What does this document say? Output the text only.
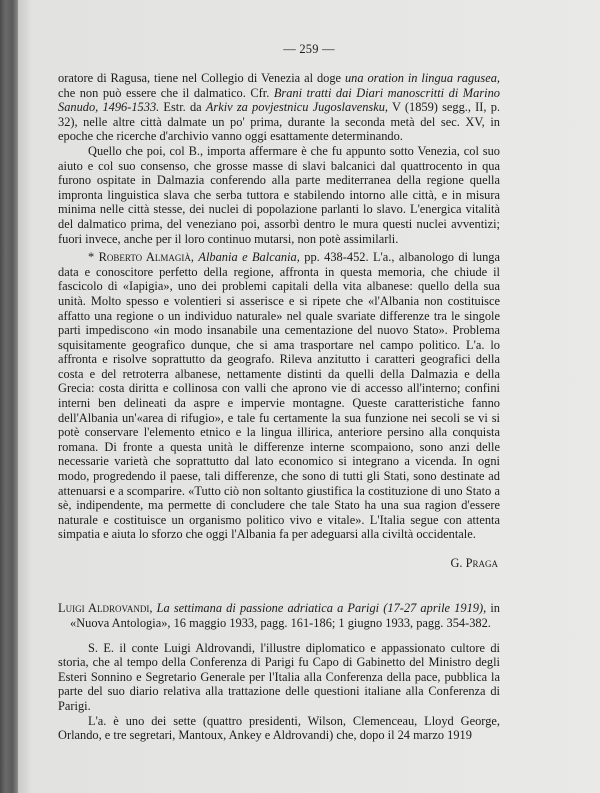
— 259 —

oratore di Ragusa, tiene nel Collegio di Venezia al doge una oration in lingua ragusea, che non può essere che il dalmatico. Cfr. Brani tratti dai Diari manoscritti di Marino Sanudo, 1496-1533. Estr. da Arkiv za povjestnicu Jugoslavensku, V (1859) segg., II, p. 32), nelle altre città dalmate un po' prima, durante la seconda metà del sec. XV, in epoche che ricerche d'archivio vanno oggi esattamente determinando.

Quello che poi, col B., importa affermare è che fu appunto sotto Venezia, col suo aiuto e col suo consenso, che grosse masse di slavi balcanici dal quattrocento in qua furono ospitate in Dalmazia conferendo alla parte mediterranea della regione quella impronta linguistica slava che serba tuttora e stabilendo intorno alle città, e in misura minima nelle città stesse, dei nuclei di popolazione parlanti lo slavo. L'energica vitalità del dalmatico prima, del veneziano poi, assorbì dentro le mura questi nuclei avventizi; fuori invece, anche per il loro continuo mutarsi, non potè assimilarli.

* Roberto Almagià, Albania e Balcania, pp. 438-452. L'a., albanologo di lunga data e conoscitore perfetto della regione, affronta in questa memoria, che chiude il fascicolo di «Iapigia», uno dei problemi capitali della vita albanese: quello della sua unità. Molto spesso e volentieri si asserisce e si ripete che «l'Albania non costituisce affatto una regione o un individuo naturale» nel quale svariate differenze tra le singole parti impediscono «in modo insanabile una cementazione del nuovo Stato». Problema squisitamente geografico dunque, che si ama trasportare nel campo politico. L'a. lo affronta e risolve soprattutto da geografo. Rileva anzitutto i caratteri geografici della costa e del retroterra albanese, nettamente distinti da quelli della Dalmazia e della Grecia: costa diritta e collinosa con valli che aprono vie di accesso all'interno; confini interni ben delineati da aspre e impervie montagne. Queste caratteristiche fanno dell'Albania un'«area di rifugio», e tale fu certamente la sua funzione nei secoli se vi si potè conservare l'elemento etnico e la lingua illirica, anteriore persino alla conquista romana. Di fronte a questa unità le differenze interne scompaiono, sono anzi delle necessarie varietà che soprattutto dal lato economico si integrano a vicenda. In ogni modo, progredendo il paese, tali differenze, che sono di tutti gli Stati, sono destinate ad attenuarsi e a scomparire. «Tutto ciò non soltanto giustifica la costituzione di uno Stato a sè, indipendente, ma permette di concludere che tale Stato ha una sua ragion d'essere naturale e costituisce un organismo politico vivo e vitale». L'Italia segue con attenta simpatia e aiuta lo sforzo che oggi l'Albania fa per adeguarsi alla civiltà occidentale.

G. Praga

Luigi Aldrovandi, La settimana di passione adriatica a Parigi (17-27 aprile 1919), in «Nuova Antologia», 16 maggio 1933, pagg. 161-186; 1 giugno 1933, pagg. 354-382.

S. E. il conte Luigi Aldrovandi, l'illustre diplomatico e appassionato cultore di storia, che al tempo della Conferenza di Parigi fu Capo di Gabinetto del Ministro degli Esteri Sonnino e Segretario Generale per l'Italia alla Conferenza della pace, pubblica la parte del suo diario relativa alla trattazione delle questioni italiane alla Conferenza di Parigi.

L'a. è uno dei sette (quattro presidenti, Wilson, Clemenceau, Lloyd George, Orlando, e tre segretari, Mantoux, Ankey e Aldrovandi) che, dopo il 24 marzo 1919
